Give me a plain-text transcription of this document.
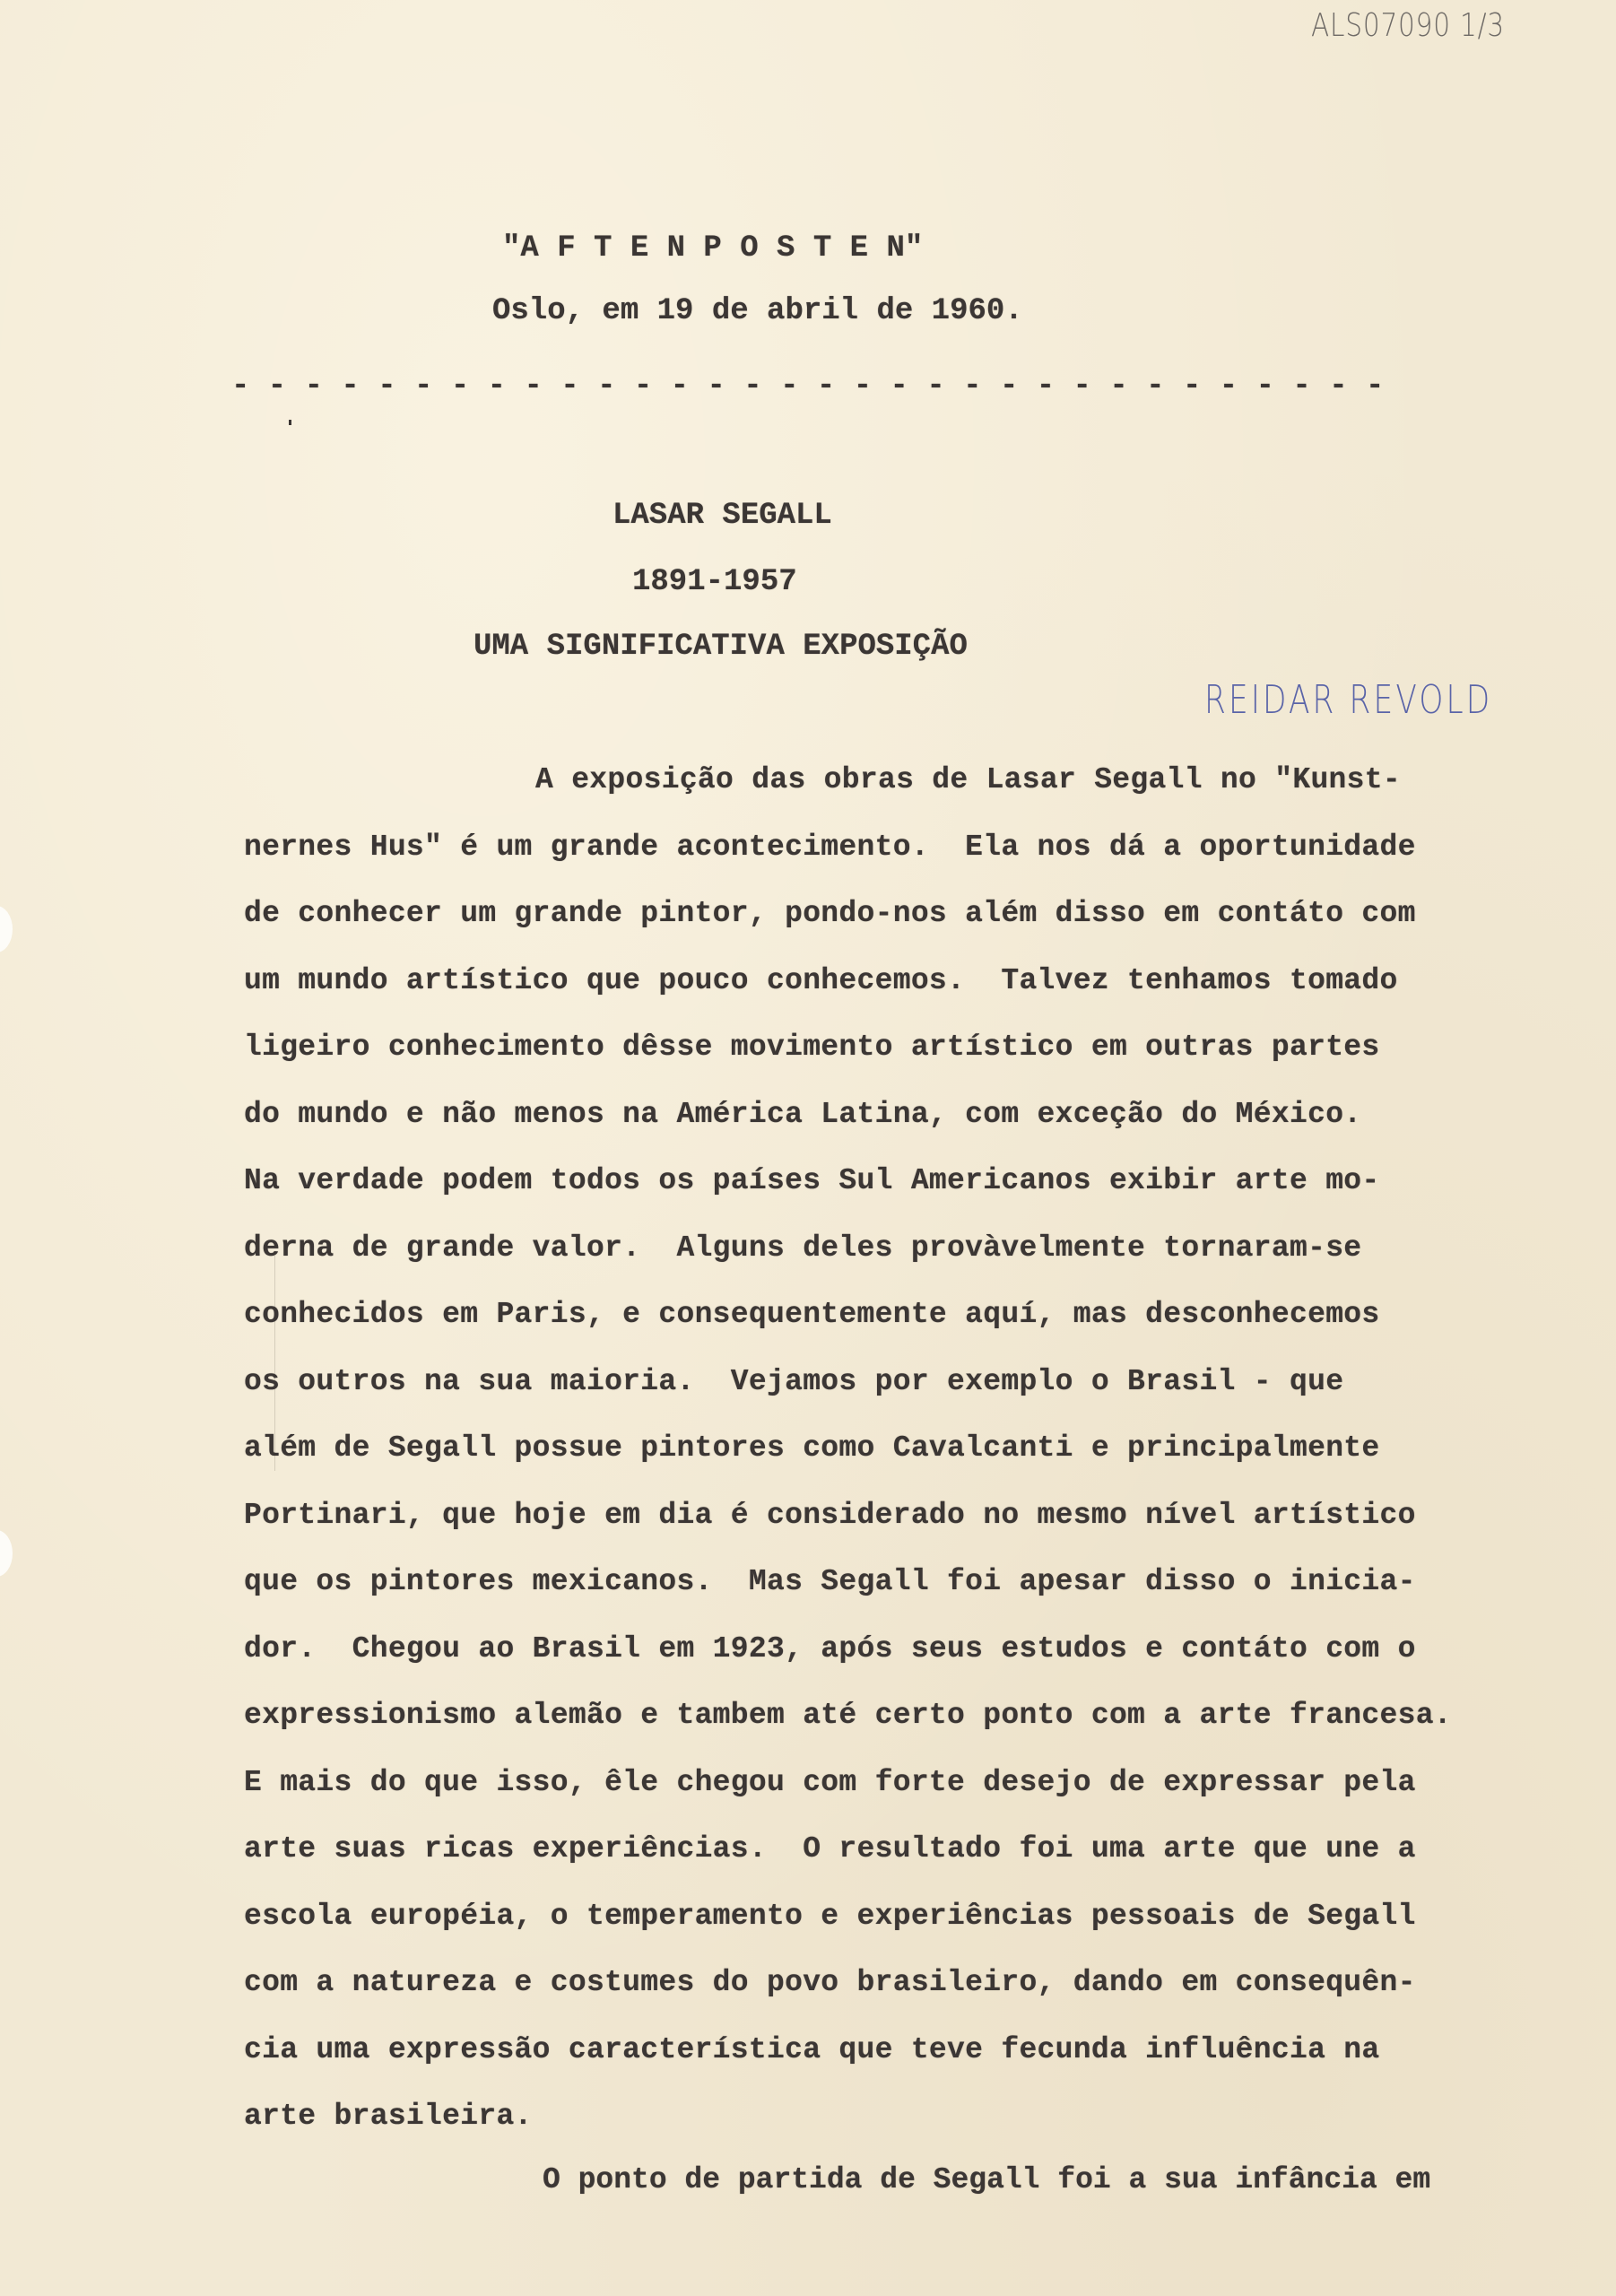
ALS07090 1/3
"A F T E N P O S T E N"
Oslo, em 19 de abril de 1960.
- - - - - - - - - - - - - - - - - - - - - - - - - - - - - - - -
LASAR SEGALL
1891-1957
UMA SIGNIFICATIVA EXPOSIÇÃO
REIDAR REVOLD
A exposição das obras de Lasar Segall no "Kunst-
nernes Hus" é um grande acontecimento.  Ela nos dá a oportunidade
de conhecer um grande pintor, pondo-nos além disso em contáto com
um mundo artístico que pouco conhecemos.  Talvez tenhamos tomado
ligeiro conhecimento dêsse movimento artístico em outras partes
do mundo e não menos na América Latina, com exceção do México.
Na verdade podem todos os países Sul Americanos exibir arte mo-
derna de grande valor.  Alguns deles provàvelmente tornaram-se
conhecidos em Paris, e consequentemente aquí, mas desconhecemos
os outros na sua maioria.  Vejamos por exemplo o Brasil - que
além de Segall possue pintores como Cavalcanti e principalmente
Portinari, que hoje em dia é considerado no mesmo nível artístico
que os pintores mexicanos.  Mas Segall foi apesar disso o inicia-
dor.  Chegou ao Brasil em 1923, após seus estudos e contáto com o
expressionismo alemão e tambem até certo ponto com a arte francesa.
E mais do que isso, êle chegou com forte desejo de expressar pela
arte suas ricas experiências.  O resultado foi uma arte que une a
escola européia, o temperamento e experiências pessoais de Segall
com a natureza e costumes do povo brasileiro, dando em consequên-
cia uma expressão característica que teve fecunda influência na
arte brasileira.
O ponto de partida de Segall foi a sua infância em
